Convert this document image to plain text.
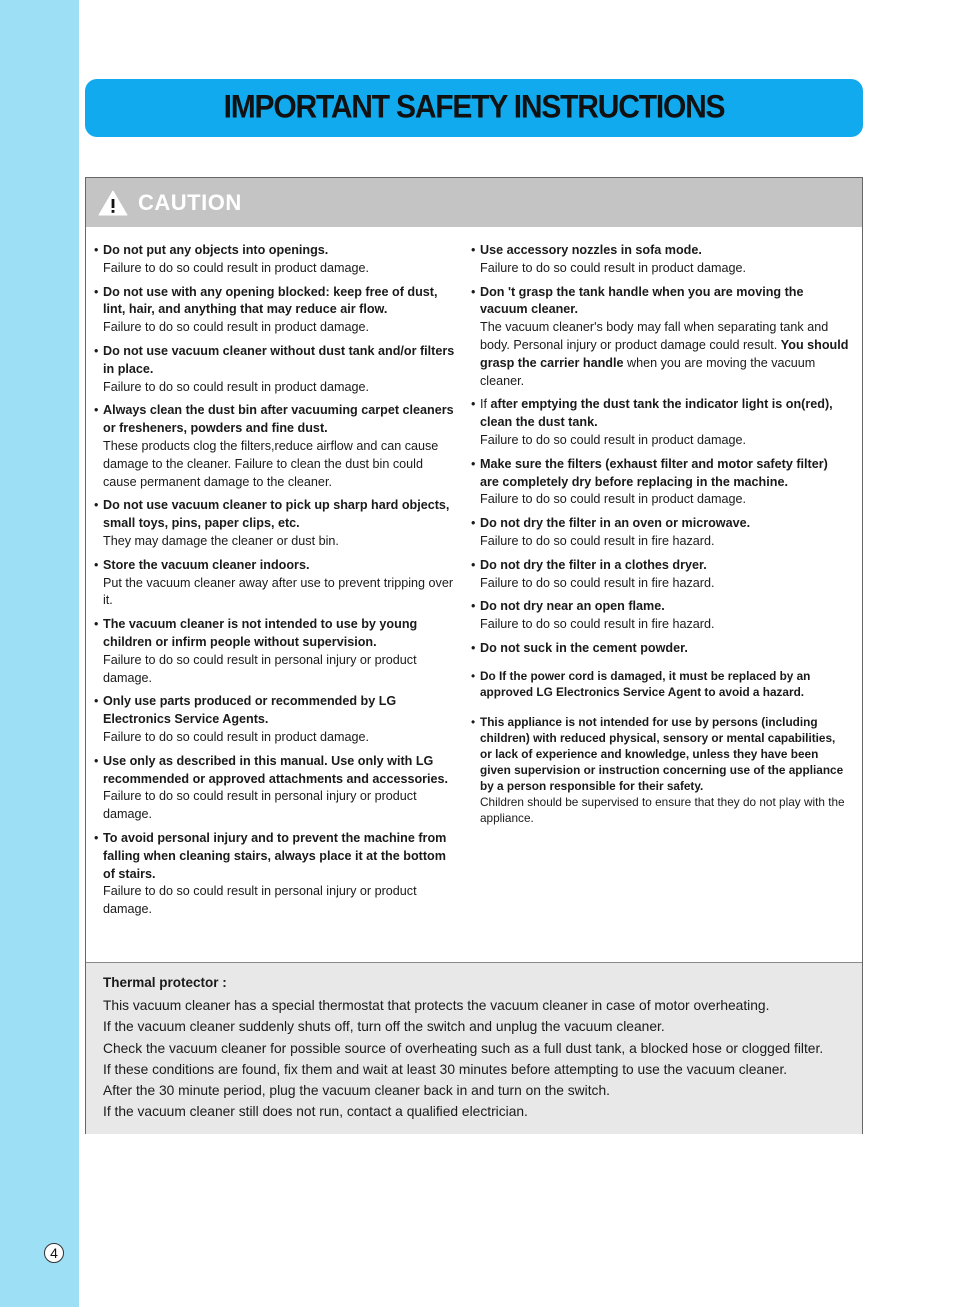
IMPORTANT SAFETY INSTRUCTIONS
CAUTION
• Do not put any objects into openings.
Failure to do so could result in product damage.
• Do not use with any opening blocked: keep free of dust, lint, hair, and anything that may reduce air flow.
Failure to do so could result in product damage.
• Do not use vacuum cleaner without dust tank and/or filters in place.
Failure to do so could result in product damage.
• Always clean the dust bin after vacuuming carpet cleaners or fresheners, powders and fine dust.
These products clog the filters,reduce airflow and can cause damage to the cleaner. Failure to clean the dust bin could cause permanent damage to the cleaner.
• Do not use vacuum cleaner to pick up sharp hard objects, small toys, pins, paper clips, etc.
They may damage the cleaner or dust bin.
• Store the vacuum cleaner indoors.
Put the vacuum cleaner away after use to prevent tripping over it.
• The vacuum cleaner is not intended to use by young children or infirm people without supervision.
Failure to do so could result in personal injury or product damage.
• Only use parts produced or recommended by LG Electronics Service Agents.
Failure to do so could result in product damage.
• Use only as described in this manual. Use only with LG recommended or approved attachments and accessories.
Failure to do so could result in personal injury or product damage.
• To avoid personal injury and to prevent the machine from falling when cleaning stairs, always place it at the bottom of stairs.
Failure to do so could result in personal injury or product damage.
• Use accessory nozzles in sofa mode.
Failure to do so could result in product damage.
• Don 't grasp the tank handle when you are moving the vacuum cleaner.
The vacuum cleaner's body may fall when separating tank and body. Personal injury or product damage could result. You should grasp the carrier handle when you are moving the vacuum cleaner.
• If after emptying the dust tank the indicator light is on(red), clean the dust tank.
Failure to do so could result in product damage.
• Make sure the filters (exhaust filter and motor safety filter) are completely dry before replacing in the machine.
Failure to do so could result in product damage.
• Do not dry the filter in an oven or microwave.
Failure to do so could result in fire hazard.
• Do not dry the filter in a clothes dryer.
Failure to do so could result in fire hazard.
• Do not dry near an open flame.
Failure to do so could result in fire hazard.
• Do not suck in the cement powder.
• Do If the power cord is damaged, it must be replaced by an approved LG Electronics Service Agent to avoid a hazard.
• This appliance is not intended for use by persons (including children) with reduced physical, sensory or mental capabilities, or lack of experience and knowledge, unless they have been given supervision or instruction concerning use of the appliance by a person responsible for their safety.
Children should be supervised to ensure that they do not play with the appliance.
Thermal protector :
This vacuum cleaner has a special thermostat that protects the vacuum cleaner in case of motor overheating.
If the vacuum cleaner suddenly shuts off, turn off the switch and unplug the vacuum cleaner.
Check the vacuum cleaner for possible source of overheating such as a full dust tank, a blocked hose or clogged filter.
If these conditions are found, fix them and wait at least 30 minutes before attempting to use the vacuum cleaner.
After the 30 minute period, plug the vacuum cleaner back in and turn on the switch.
If the vacuum cleaner still does not run, contact a qualified electrician.
4
